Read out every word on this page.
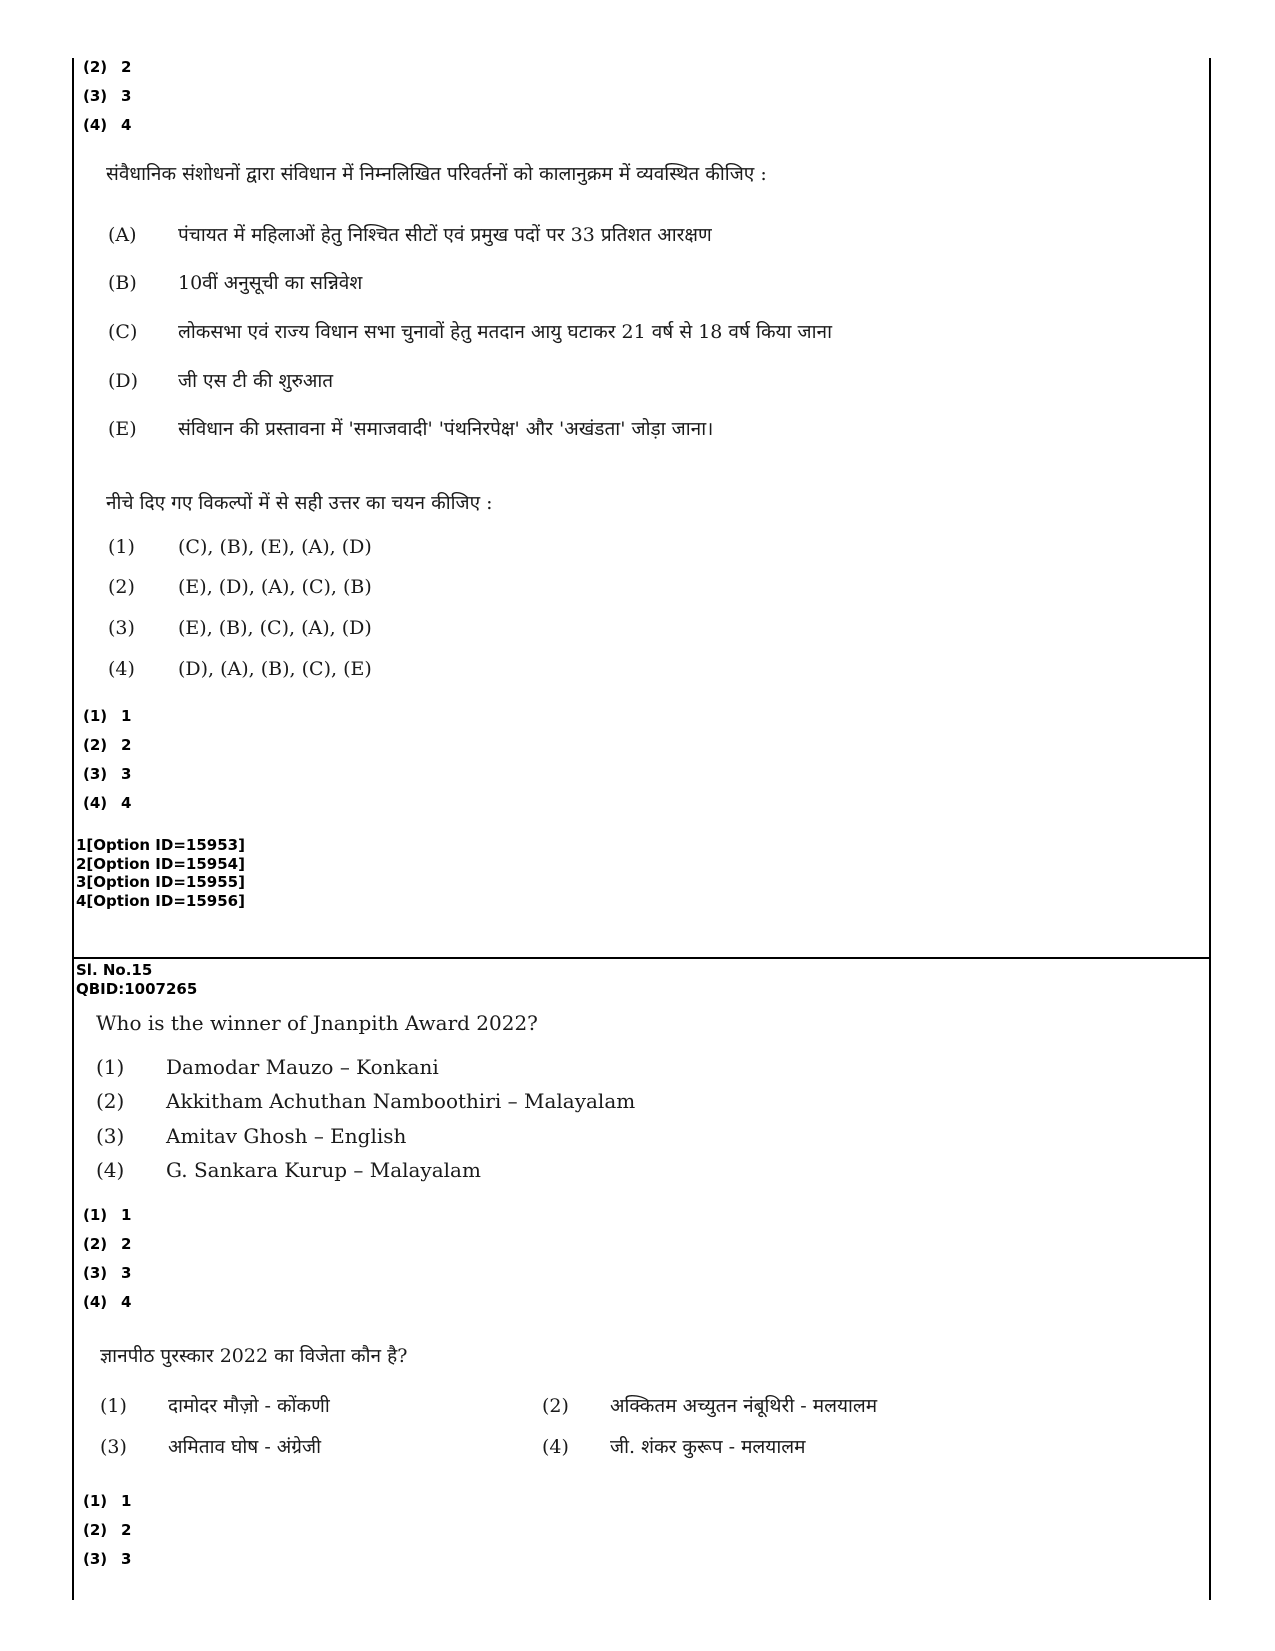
(2) 2
(3) 3
(4) 4
संवैधानिक संशोधनों द्वारा संविधान में निम्नलिखित परिवर्तनों को कालानुक्रम में व्यवस्थित कीजिए :
(A) पंचायत में महिलाओं हेतु निश्चित सीटों एवं प्रमुख पदों पर 33 प्रतिशत आरक्षण
(B) 10वीं अनुसूची का सन्निवेश
(C) लोकसभा एवं राज्य विधान सभा चुनावों हेतु मतदान आयु घटाकर 21 वर्ष से 18 वर्ष किया जाना
(D) जी एस टी की शुरुआत
(E) संविधान की प्रस्तावना में 'समाजवादी' 'पंथनिरपेक्ष' और 'अखंडता' जोड़ा जाना।
नीचे दिए गए विकल्पों में से सही उत्तर का चयन कीजिए :
(1) (C), (B), (E), (A), (D)
(2) (E), (D), (A), (C), (B)
(3) (E), (B), (C), (A), (D)
(4) (D), (A), (B), (C), (E)
(1) 1
(2) 2
(3) 3
(4) 4
1[Option ID=15953]
2[Option ID=15954]
3[Option ID=15955]
4[Option ID=15956]
Sl. No.15
QBID:1007265
Who is the winner of Jnanpith Award 2022?
(1) Damodar Mauzo – Konkani
(2) Akkitham Achuthan Namboothiri – Malayalam
(3) Amitav Ghosh – English
(4) G. Sankara Kurup – Malayalam
(1) 1
(2) 2
(3) 3
(4) 4
ज्ञानपीठ पुरस्कार 2022 का विजेता कौन है?
(1) दामोदर मौज़ो - कोंकणी	(2) अक्कितम अच्युतन नंबूथिरी - मलयालम
(3) अमिताव घोष - अंग्रेजी	(4) जी. शंकर कुरूप - मलयालम
(1) 1
(2) 2
(3) 3
